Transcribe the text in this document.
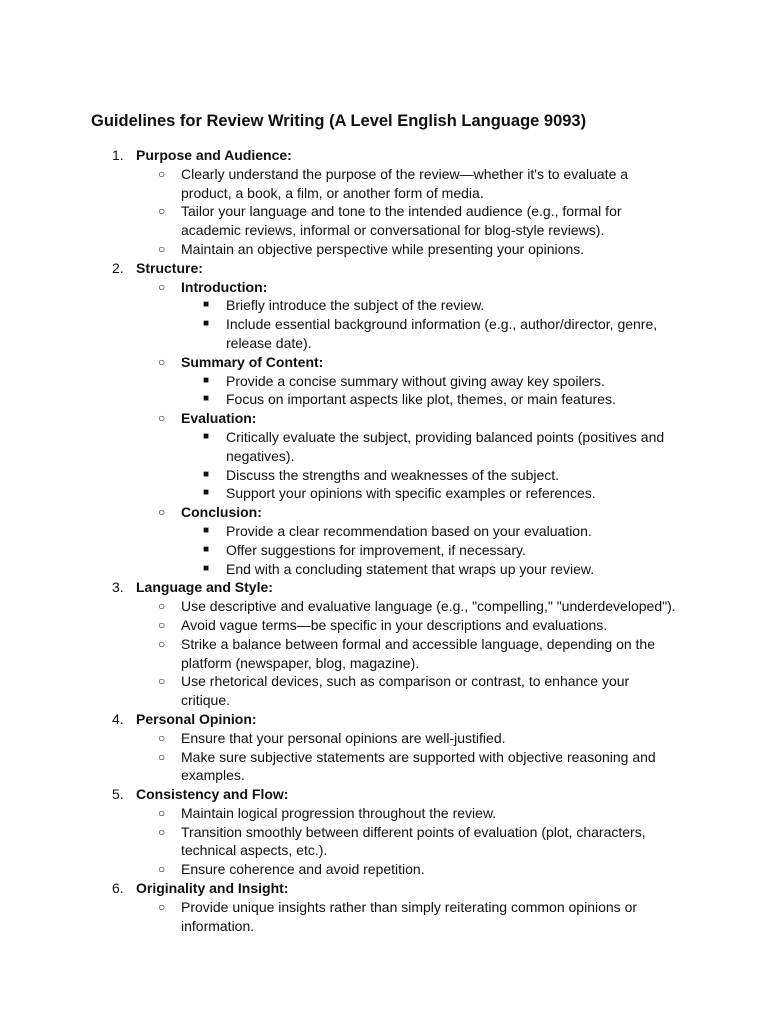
Guidelines for Review Writing (A Level English Language 9093)
1. Purpose and Audience:
○ Clearly understand the purpose of the review—whether it's to evaluate a product, a book, a film, or another form of media.
○ Tailor your language and tone to the intended audience (e.g., formal for academic reviews, informal or conversational for blog-style reviews).
○ Maintain an objective perspective while presenting your opinions.
2. Structure:
○ Introduction:
■ Briefly introduce the subject of the review.
■ Include essential background information (e.g., author/director, genre, release date).
○ Summary of Content:
■ Provide a concise summary without giving away key spoilers.
■ Focus on important aspects like plot, themes, or main features.
○ Evaluation:
■ Critically evaluate the subject, providing balanced points (positives and negatives).
■ Discuss the strengths and weaknesses of the subject.
■ Support your opinions with specific examples or references.
○ Conclusion:
■ Provide a clear recommendation based on your evaluation.
■ Offer suggestions for improvement, if necessary.
■ End with a concluding statement that wraps up your review.
3. Language and Style:
○ Use descriptive and evaluative language (e.g., "compelling," "underdeveloped").
○ Avoid vague terms—be specific in your descriptions and evaluations.
○ Strike a balance between formal and accessible language, depending on the platform (newspaper, blog, magazine).
○ Use rhetorical devices, such as comparison or contrast, to enhance your critique.
4. Personal Opinion:
○ Ensure that your personal opinions are well-justified.
○ Make sure subjective statements are supported with objective reasoning and examples.
5. Consistency and Flow:
○ Maintain logical progression throughout the review.
○ Transition smoothly between different points of evaluation (plot, characters, technical aspects, etc.).
○ Ensure coherence and avoid repetition.
6. Originality and Insight:
○ Provide unique insights rather than simply reiterating common opinions or information.
